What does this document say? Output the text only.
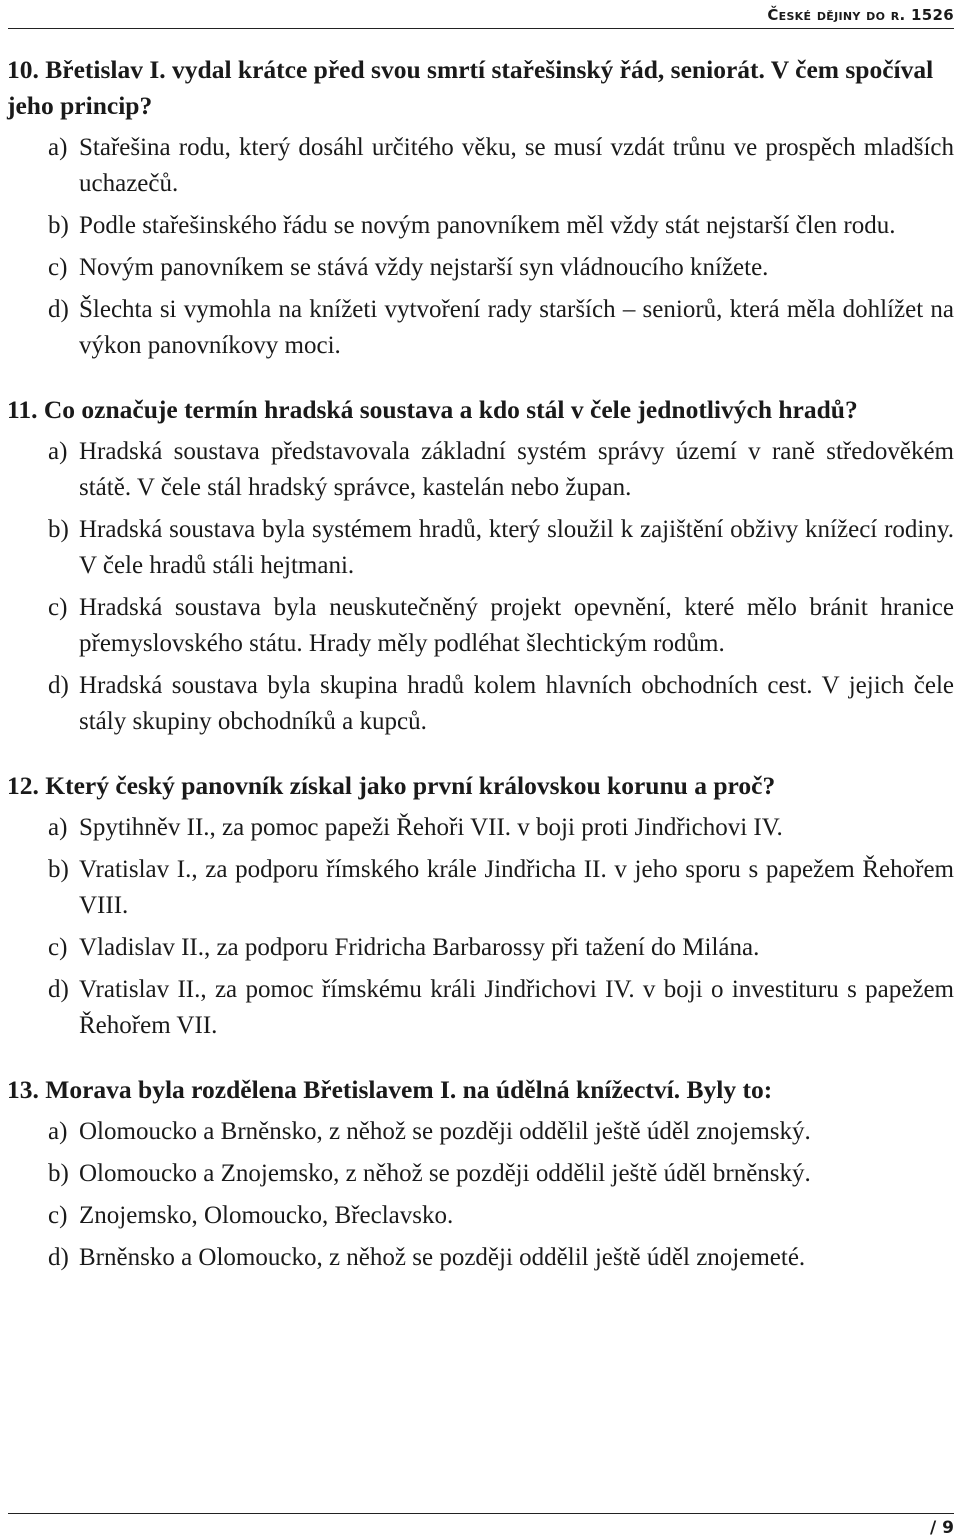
České dějiny do r. 1526
10. Břetislav I. vydal krátce před svou smrtí stařešinský řád, seniorát. V čem spočíval jeho princip?
a) Stařešina rodu, který dosáhl určitého věku, se musí vzdát trůnu ve prospěch mladších uchazečů.
b) Podle stařešinského řádu se novým panovníkem měl vždy stát nejstarší člen rodu.
c) Novým panovníkem se stává vždy nejstarší syn vládnoucího knížete.
d) Šlechta si vymohla na knížeti vytvoření rady starších – seniorů, která měla dohlížet na výkon panovníkovy moci.
11. Co označuje termín hradská soustava a kdo stál v čele jednotlivých hradů?
a) Hradská soustava představovala základní systém správy území v raně středověkém státě. V čele stál hradský správce, kastelán nebo župan.
b) Hradská soustava byla systémem hradů, který sloužil k zajištění obživy knížecí rodiny. V čele hradů stáli hejtmani.
c) Hradská soustava byla neuskutečněný projekt opevnění, které mělo bránit hranice přemyslovského státu. Hrady měly podléhat šlechtickým rodům.
d) Hradská soustava byla skupina hradů kolem hlavních obchodních cest. V jejich čele stály skupiny obchodníků a kupců.
12. Který český panovník získal jako první královskou korunu a proč?
a) Spytihněv II., za pomoc papeži Řehoři VII. v boji proti Jindřichovi IV.
b) Vratislav I., za podporu římského krále Jindřicha II. v jeho sporu s papežem Řehořem VIII.
c) Vladislav II., za podporu Fridricha Barbarossy při tažení do Milána.
d) Vratislav II., za pomoc římskému králi Jindřichovi IV. v boji o investituru s papežem Řehořem VII.
13. Morava byla rozdělena Břetislavem I. na údělná knížectví. Byly to:
a) Olomoucko a Brněnsko, z něhož se později oddělil ještě úděl znojemský.
b) Olomoucko a Znojemsko, z něhož se později oddělil ještě úděl brněnský.
c) Znojemsko, Olomoucko, Břeclavsko.
d) Brněnsko a Olomoucko, z něhož se později oddělil ještě úděl znojemeté.
/ 9
